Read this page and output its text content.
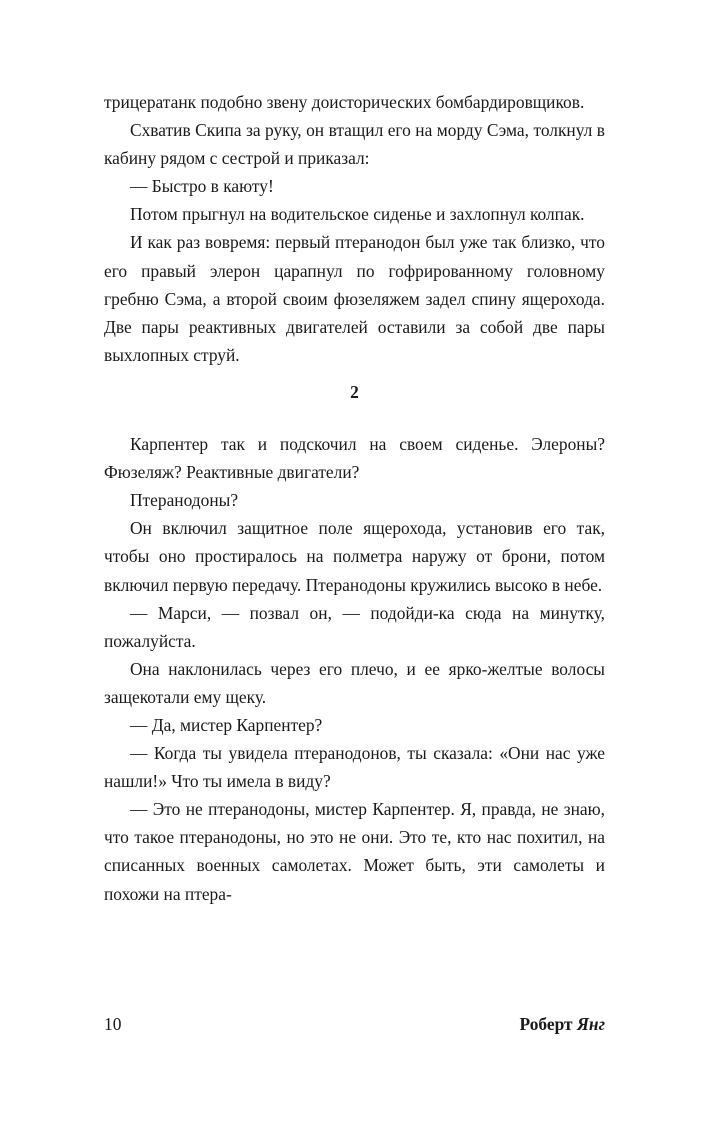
трицератанк подобно звену доисторических бомбардировщиков.

Схватив Скипа за руку, он втащил его на морду Сэма, толкнул в кабину рядом с сестрой и приказал:

— Быстро в каюту!

Потом прыгнул на водительское сиденье и захлопнул колпак.

И как раз вовремя: первый птеранодон был уже так близко, что его правый элерон царапнул по гофрированному головному гребню Сэма, а второй своим фюзеляжем задел спину ящерохода. Две пары реактивных двигателей оставили за собой две пары выхлопных струй.

2

Карпентер так и подскочил на своем сиденье. Элероны? Фюзеляж? Реактивные двигатели?

Птеранодоны?

Он включил защитное поле ящерохода, установив его так, чтобы оно простиралось на полметра наружу от брони, потом включил первую передачу. Птеранодоны кружились высоко в небе.

— Марси, — позвал он, — подойди-ка сюда на минутку, пожалуйста.

Она наклонилась через его плечо, и ее ярко-желтые волосы защекотали ему щеку.

— Да, мистер Карпентер?

— Когда ты увидела птеранодонов, ты сказала: «Они нас уже нашли!» Что ты имела в виду?

— Это не птеранодоны, мистер Карпентер. Я, правда, не знаю, что такое птеранодоны, но это не они. Это те, кто нас похитил, на списанных военных самолетах. Может быть, эти самолеты и похожи на птера-

10	Роберт Янг
